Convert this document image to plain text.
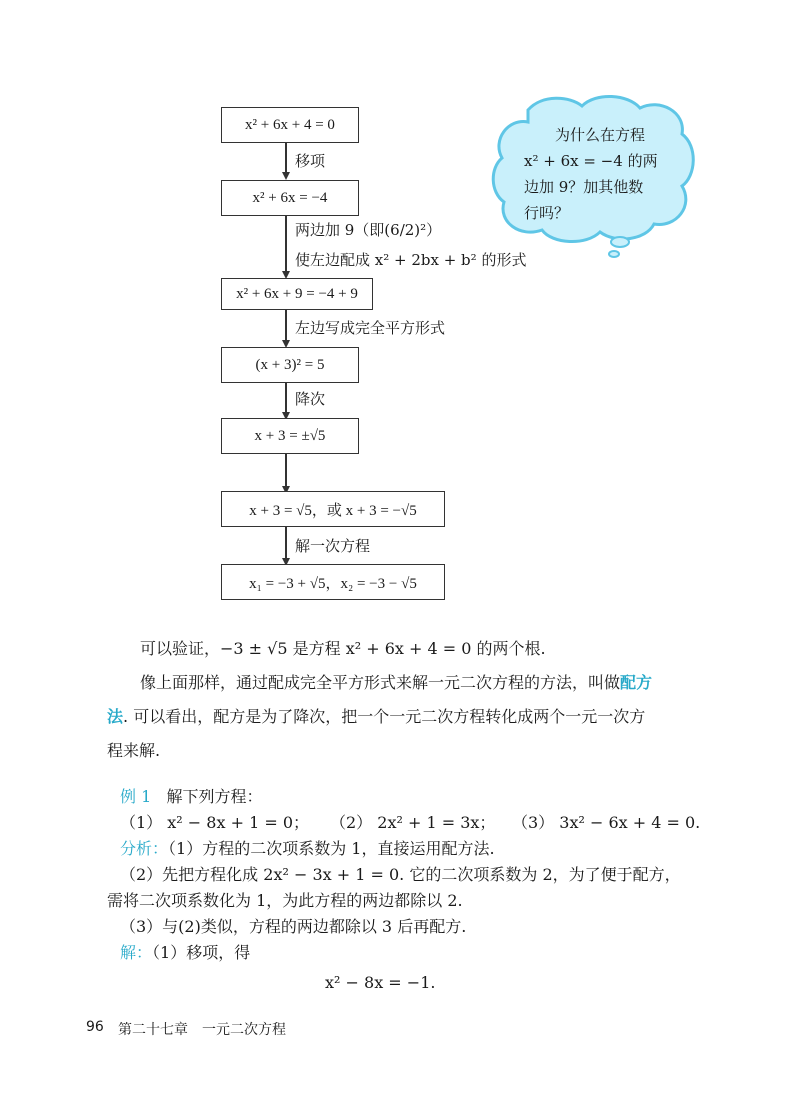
x² + 6x + 4 = 0
移项
x² + 6x = −4
两边加 9（即(6/2)²）
使左边配成 x² + 2bx + b² 的形式
x² + 6x + 9 = −4 + 9
左边写成完全平方形式
(x + 3)² = 5
降次
x + 3 = ±√5
x + 3 = √5，或 x + 3 = −√5
解一次方程
x₁ = −3 + √5，x₂ = −3 − √5
为什么在方程
x² + 6x = −4 的两
边加 9？加其他数
行吗？
可以验证，−3 ± √5 是方程 x² + 6x + 4 = 0 的两个根.
像上面那样，通过配成完全平方形式来解一元二次方程的方法，叫做配方
法. 可以看出，配方是为了降次，把一个一元二次方程转化成两个一元一次方
程来解.
例 1 解下列方程：
（1） x² − 8x + 1 = 0； （2） 2x² + 1 = 3x； （3） 3x² − 6x + 4 = 0.
分析：（1）方程的二次项系数为 1，直接运用配方法.
（2）先把方程化成 2x² − 3x + 1 = 0. 它的二次项系数为 2，为了便于配方，
需将二次项系数化为 1，为此方程的两边都除以 2.
（3）与(2)类似，方程的两边都除以 3 后再配方.
解：（1）移项，得
x² − 8x = −1.
96 第二十七章　一元二次方程
